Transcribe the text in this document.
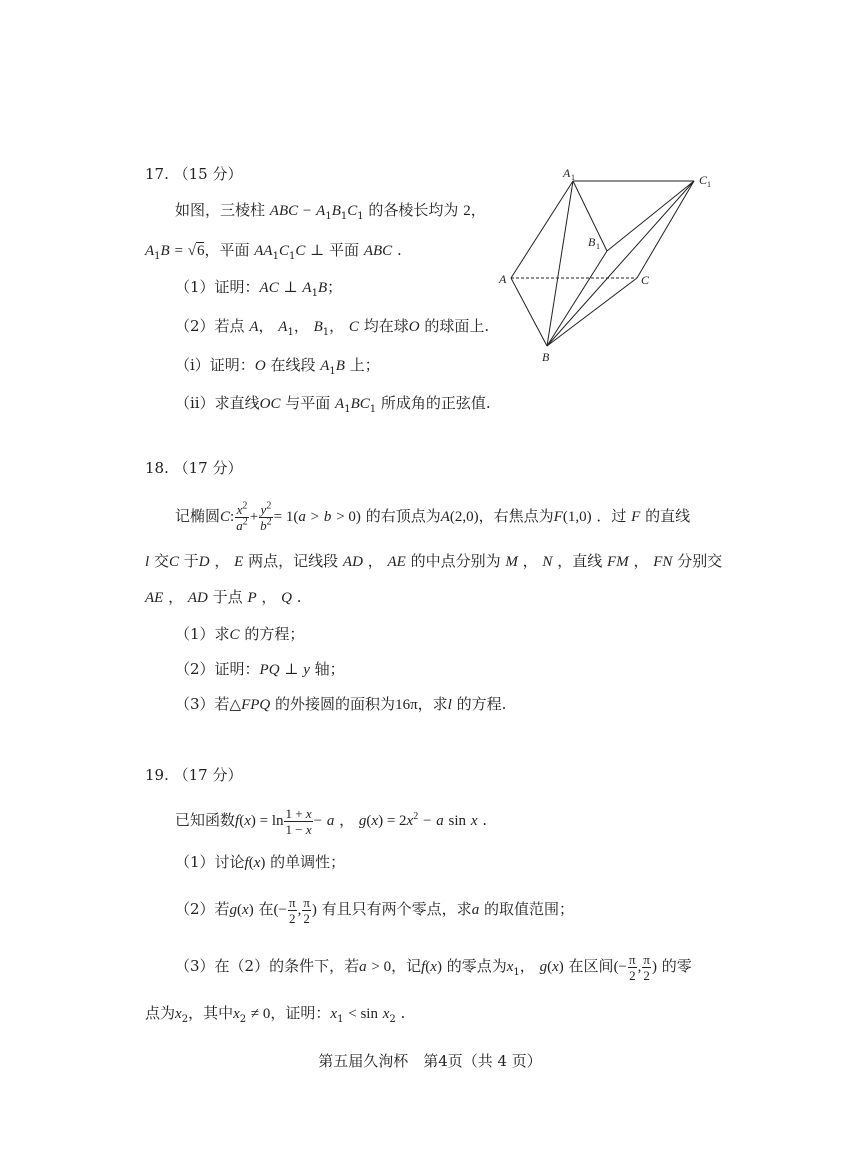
17. （15 分）
如图，三棱柱 ABC − $A_1B_1C_1$ 的各棱长均为 2，
$A_1B = √6$，平面 $AA_1C_1C$ ⊥ 平面 ABC .
（1）证明：AC ⊥ $A_1B$；
（2）若点 A， $A_1$， $B_1$， C 均在球O 的球面上.
（i）证明：O 在线段 $A_1B$ 上；
（ii）求直线OC 与平面 $A_1BC_1$ 所成角的正弦值.
A 1	C 1
B 1
A	C
B
18. （17 分）
记椭圆C: $\frac{x^2}{a^2} + \frac{y^2}{b^2} = 1(a > b > 0)$ 的右顶点为A(2,0)，右焦点为F(1,0) ．过 F 的直线
l 交C 于D ， E 两点，记线段 AD ， AE 的中点分别为 M ， N ，直线 FM ， FN 分别交
AE ， AD 于点 P ， Q .
（1）求C 的方程；
（2）证明：PQ ⊥ y 轴；
（3）若△FPQ 的外接圆的面积为16π，求l 的方程.
19. （17 分）
已知函数$f(x) = \ln \frac{1 + x}{1 - x} - a$ ， $g(x) = 2x^2 - a$ sin x .
（1）讨论f(x) 的单调性；
（2）若g(x) 在(− $\frac{\pi}{2}$ , $\frac{\pi}{2}$ ) 有且只有两个零点，求a 的取值范围；
（3）在（2）的条件下，若a > 0，记f(x) 的零点为$x_1$， g(x) 在区间(− $\frac{\pi}{2}$ , $\frac{\pi}{2}$ ) 的零
点为$x_2$，其中$x_2 \ne 0$，证明：$x_1 < \sin x_2$ .
第五届久洵杯　第4页（共 4 页）
